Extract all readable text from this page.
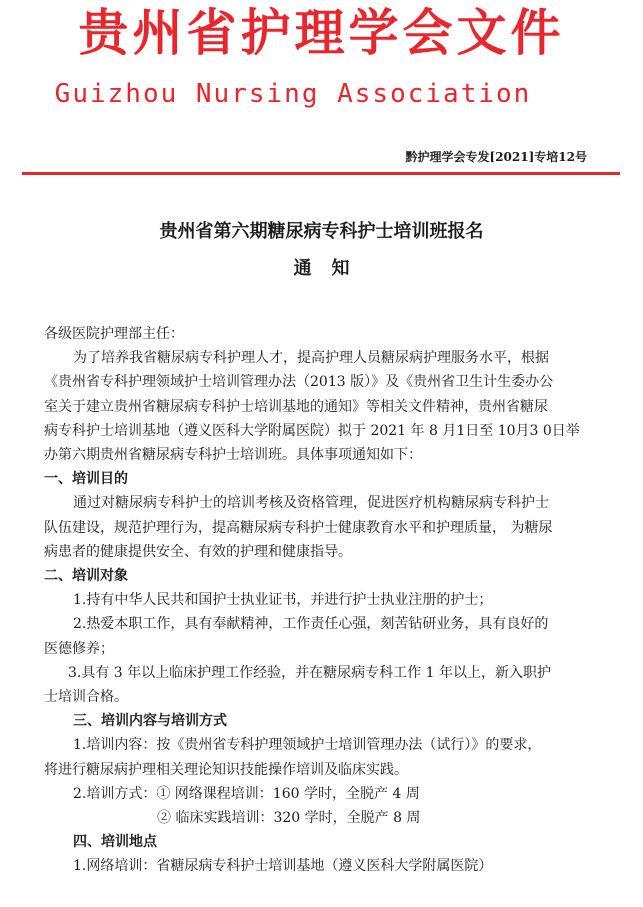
贵州省护理学会文件
Guizhou Nursing Association
黔护理学会专发[2021]专培12号
贵州省第六期糖尿病专科护士培训班报名
通知
各级医院护理部主任：
为了培养我省糖尿病专科护理人才，提高护理人员糖尿病护理服务水平，根据
《贵州省专科护理领域护士培训管理办法（2013 版）》及《贵州省卫生计生委办公
室关于建立贵州省糖尿病专科护士培训基地的通知》等相关文件精神，贵州省糖尿
病专科护士培训基地（遵义医科大学附属医院）拟于 2021 年 8 月1日至 10月3 0日举
办第六期贵州省糖尿病专科护士培训班。具体事项通知如下：
一、培训目的
通过对糖尿病专科护士的培训考核及资格管理，促进医疗机构糖尿病专科护士
队伍建设，规范护理行为，提高糖尿病专科护士健康教育水平和护理质量， 为糖尿
病患者的健康提供安全、有效的护理和健康指导。
二、培训对象
1.持有中华人民共和国护士执业证书，并进行护士执业注册的护士；
2.热爱本职工作，具有奉献精神，工作责任心强，刻苦钻研业务，具有良好的
医德修养；
3.具有 3 年以上临床护理工作经验，并在糖尿病专科工作 1 年以上，新入职护
士培训合格。
三、培训内容与培训方式
1.培训内容：按《贵州省专科护理领域护士培训管理办法（试行）》的要求，
将进行糖尿病护理相关理论知识技能操作培训及临床实践。
2.培训方式：① 网络课程培训：160 学时，全脱产 4 周
② 临床实践培训：320 学时，全脱产 8 周
四、培训地点
1.网络培训：省糖尿病专科护士培训基地（遵义医科大学附属医院）
